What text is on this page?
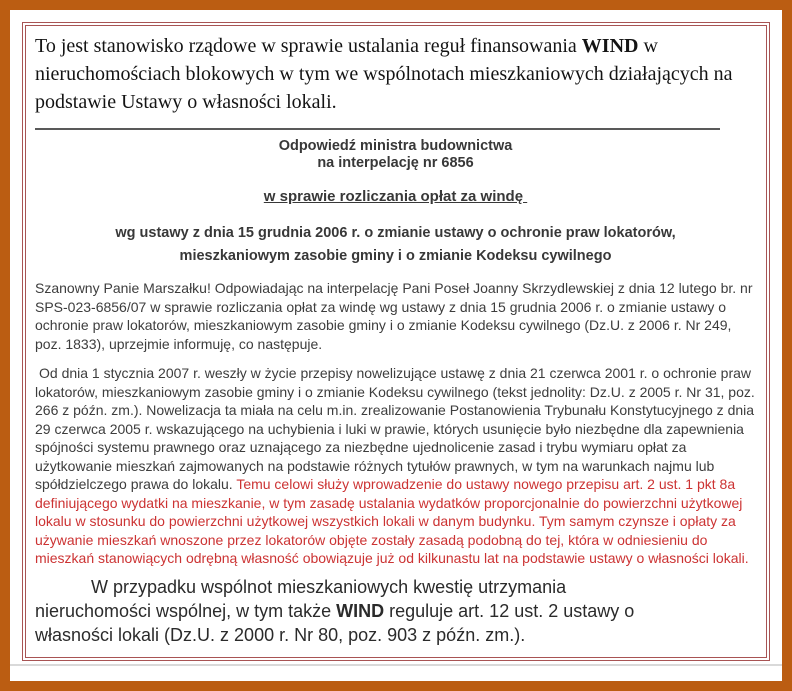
To jest stanowisko rządowe w sprawie ustalania reguł finansowania WIND w nieruchomościach blokowych w tym we wspólnotach mieszkaniowych działających na podstawie Ustawy o własności lokali.

Odpowiedź ministra budownictwa
na interpelację nr 6856
w sprawie rozliczania opłat za windę
wg ustawy z dnia 15 grudnia 2006 r. o zmianie ustawy o ochronie praw lokatorów,
mieszkaniowym zasobie gminy i o zmianie Kodeksu cywilnego

Szanowny Panie Marszałku! Odpowiadając na interpelację Pani Poseł Joanny Skrzydlewskiej z dnia 12 lutego br. nr SPS-023-6856/07 w sprawie rozliczania opłat za windę wg ustawy z dnia 15 grudnia 2006 r. o zmianie ustawy o ochronie praw lokatorów, mieszkaniowym zasobie gminy i o zmianie Kodeksu cywilnego (Dz.U. z 2006 r. Nr 249, poz. 1833), uprzejmie informuję, co następuje.

Od dnia 1 stycznia 2007 r. weszły w życie przepisy nowelizujące ustawę z dnia 21 czerwca 2001 r. o ochronie praw lokatorów, mieszkaniowym zasobie gminy i o zmianie Kodeksu cywilnego (tekst jednolity: Dz.U. z 2005 r. Nr 31, poz. 266 z późn. zm.). Nowelizacja ta miała na celu m.in. zrealizowanie Postanowienia Trybunału Konstytucyjnego z dnia 29 czerwca 2005 r. wskazującego na uchybienia i luki w prawie, których usunięcie było niezbędne dla zapewnienia spójności systemu prawnego oraz uznającego za niezbędne ujednolicenie zasad i trybu wymiaru opłat za użytkowanie mieszkań zajmowanych na podstawie różnych tytułów prawnych, w tym na warunkach najmu lub spółdzielczego prawa do lokalu. Temu celowi służy wprowadzenie do ustawy nowego przepisu art. 2 ust. 1 pkt 8a definiującego wydatki na mieszkanie, w tym zasadę ustalania wydatków proporcjonalnie do powierzchni użytkowej lokalu w stosunku do powierzchni użytkowej wszystkich lokali w danym budynku. Tym samym czynsze i opłaty za używanie mieszkań wnoszone przez lokatorów objęte zostały zasadą podobną do tej, która w odniesieniu do mieszkań stanowiących odrębną własność obowiązuje już od kilkunastu lat na podstawie ustawy o własności lokali.

W przypadku wspólnot mieszkaniowych kwestię utrzymania nieruchomości wspólnej, w tym także WIND reguluje art. 12 ust. 2 ustawy o własności lokali (Dz.U. z 2000 r. Nr 80, poz. 903 z późn. zm.).
